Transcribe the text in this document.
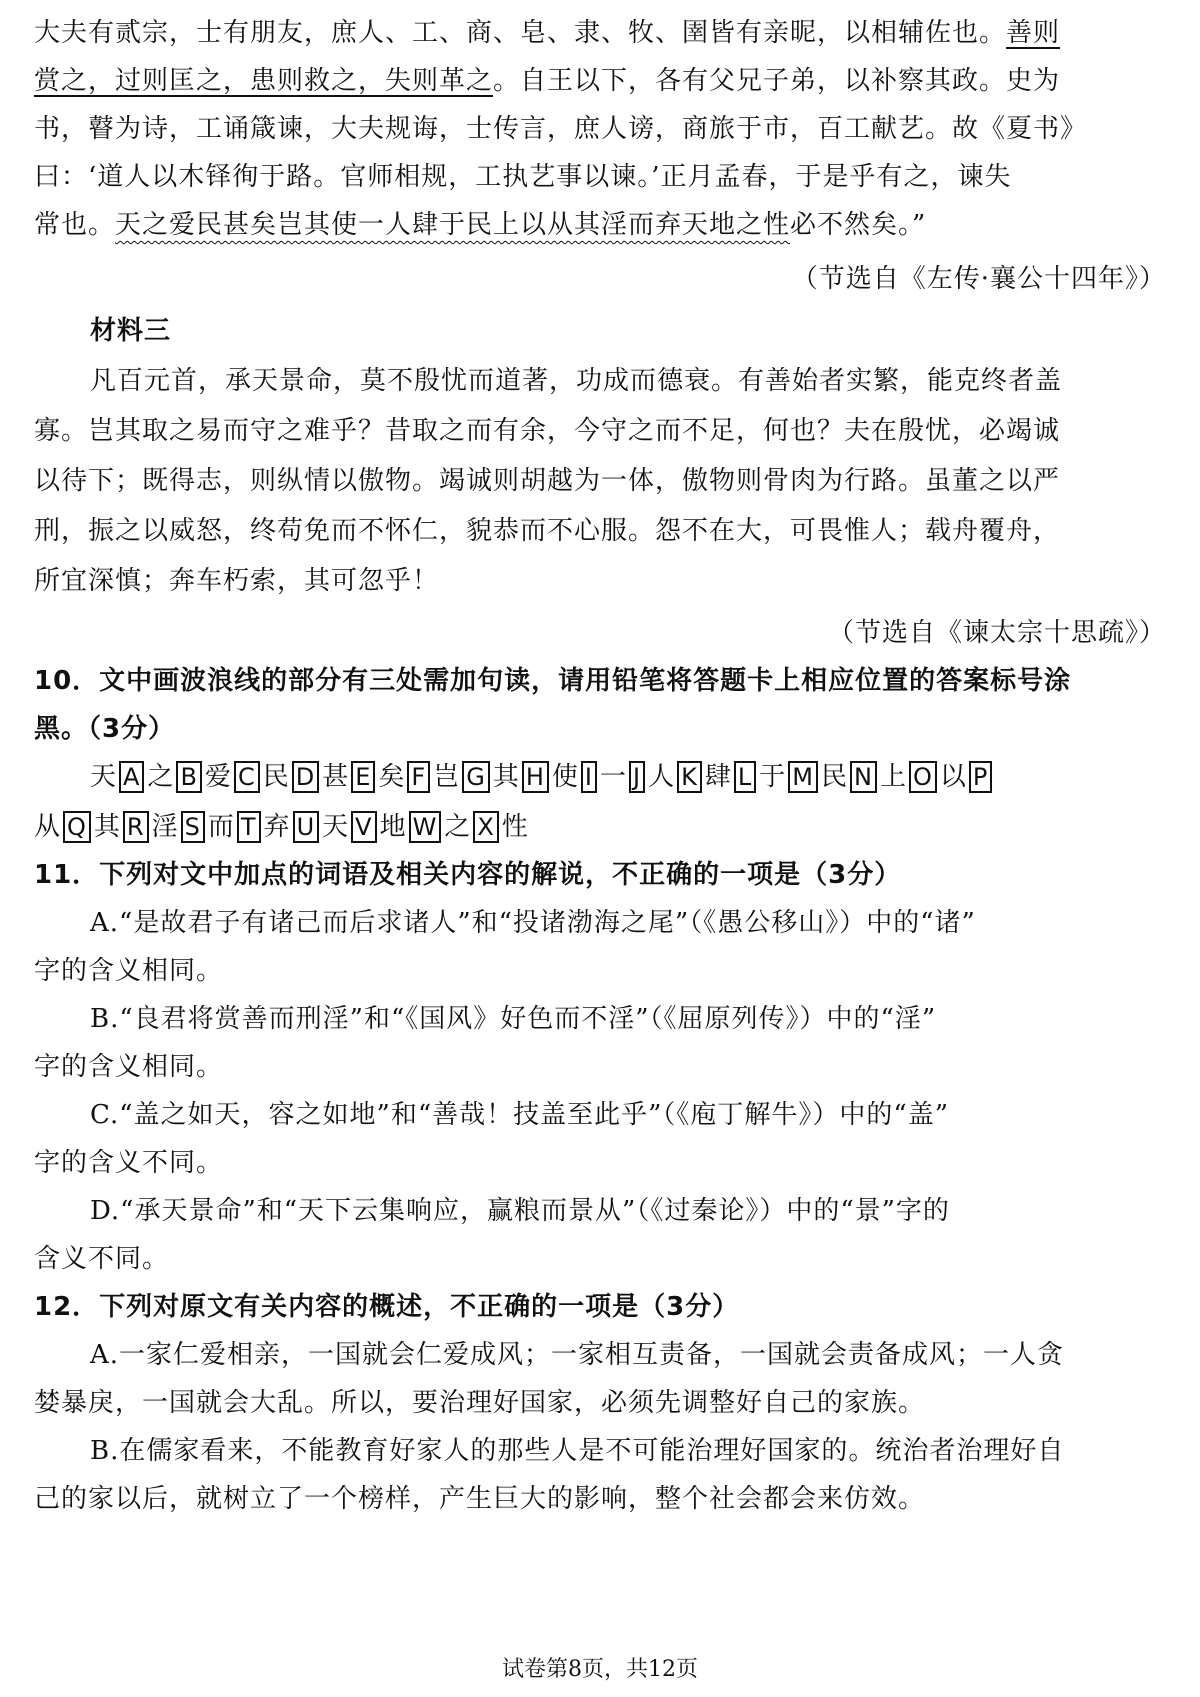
大夫有贰宗，士有朋友，庶人、工、商、皂、隶、牧、圉皆有亲昵，以相辅佐也。善则
赏之，过则匡之，患则救之，失则革之。自王以下，各有父兄子弟，以补察其政。史为
书，瞽为诗，工诵箴谏，大夫规诲，士传言，庶人谤，商旅于市，百工献艺。故《夏书》
曰：‘道人以木铎徇于路。官师相规，工执艺事以谏。’正月孟春，于是乎有之，谏失
常也。天之爱民甚矣岂其使一人肆于民上以从其淫而弃天地之性必不然矣。”
（节选自《左传·襄公十四年》）
材料三
凡百元首，承天景命，莫不殷忧而道著，功成而德衰。有善始者实繁，能克终者盖
寡。岂其取之易而守之难乎？昔取之而有余，今守之而不足，何也？夫在殷忧，必竭诚
以待下；既得志，则纵情以傲物。竭诚则胡越为一体，傲物则骨肉为行路。虽董之以严
刑，振之以威怒，终苟免而不怀仁，貌恭而不心服。怨不在大，可畏惟人；载舟覆舟，
所宜深慎；奔车朽索，其可忽乎！
（节选自《谏太宗十思疏》）
10．文中画波浪线的部分有三处需加句读，请用铅笔将答题卡上相应位置的答案标号涂
黑。（3分）
天 A 之 B 爱 C 民 D 甚 E 矣 F 岂 G 其 H 使 I 一 J 人 K 肆 L 于 M 民 N 上 O 以 P
从 Q 其 R 淫 S 而 T 弃 U 天 V 地 W 之 X 性
11．下列对文中加点的词语及相关内容的解说，不正确的一项是（3分）
A.“是故君子有诸己而后求诸人”和“投诸渤海之尾”（《愚公移山》）中的“诸”
字的含义相同。
B.“良君将赏善而刑淫”和“《国风》好色而不淫”（《屈原列传》）中的“淫”
字的含义相同。
C.“盖之如天，容之如地”和“善哉！技盖至此乎”（《庖丁解牛》）中的“盖”
字的含义不同。
D.“承天景命”和“天下云集响应，赢粮而景从”（《过秦论》）中的“景”字的
含义不同。
12．下列对原文有关内容的概述，不正确的一项是（3分）
A.一家仁爱相亲，一国就会仁爱成风；一家相互责备，一国就会责备成风；一人贪
婪暴戾，一国就会大乱。所以，要治理好国家，必须先调整好自己的家族。
B.在儒家看来，不能教育好家人的那些人是不可能治理好国家的。统治者治理好自
己的家以后，就树立了一个榜样，产生巨大的影响，整个社会都会来仿效。
试卷第8页，共12页
